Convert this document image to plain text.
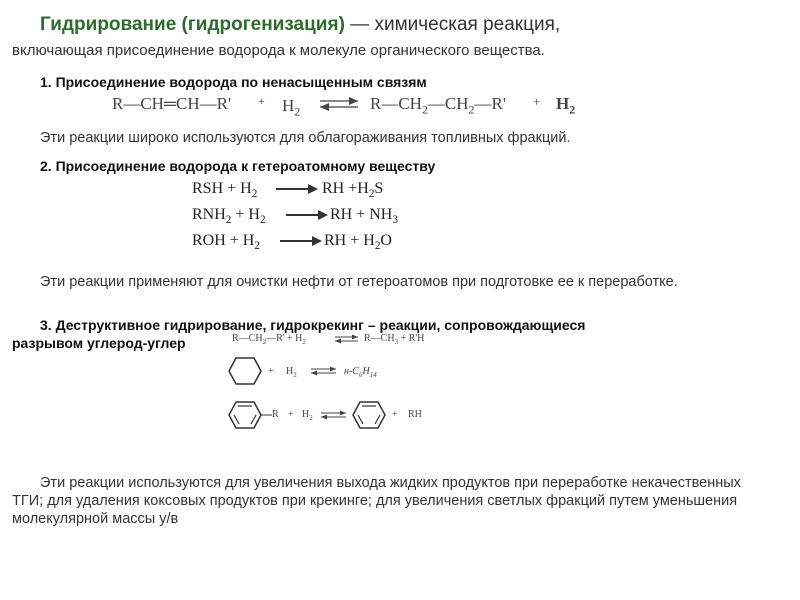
Гидрирование (гидрогенизация) — химическая реакция,
включающая присоединение водорода к молекуле органического вещества.
1. Присоединение водорода по ненасыщенным связям
R—CH═CH—R' + $H_2$ ⇌ $R—CH_2—CH_2—R' + H_2$
Эти реакции широко используются для облагораживания топливных фракций.
2. Присоединение водорода к гетероатомному веществу
RSH + $H_2$	RH $+H_2S$
$RNH_2 + H_2$	RH + $NH_3$
ROH + $H_2$	RH + $H_2O$
Эти реакции применяют для очистки нефти от гетероатомов при подготовке ее к переработке.
3. Деструктивное гидрирование, гидрокрекинг – реакции, сопровождающиеся
разрывом углерод-углер	$R—CH_2—R' + H_2$ ⇌ $R—CH_3 + R'H$
+ $H_2$ ⇌ $н-C_6H_{14}$
$R + H_2$ ⇌	+ RH
Эти реакции используются для увеличения выхода жидких продуктов при переработке некачественных ТГИ; для удаления коксовых продуктов при крекинге; для увеличения светлых фракций путем уменьшения молекулярной массы у/в
